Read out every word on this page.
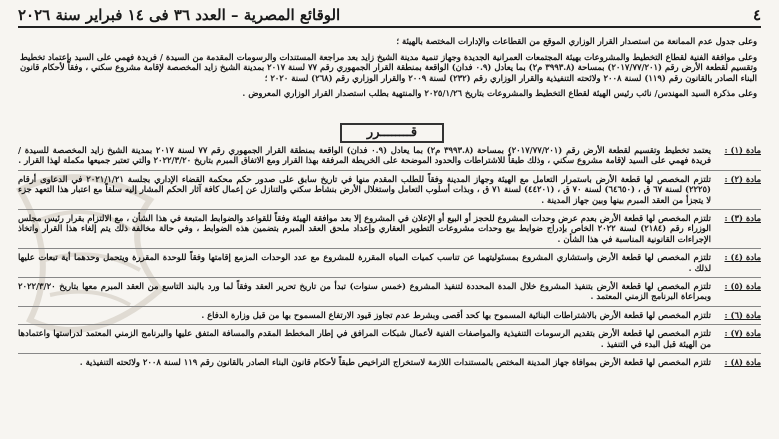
٤
الوقائع المصرية – العدد ٣٦ فى ١٤ فبراير سنة ٢٠٢٦

وعلى جدول عدم الممانعة من استصدار القرار الوزاري الموقع من القطاعات والإدارات المختصة بالهيئة ؛

وعلى موافقة الفنية لقطاع التخطيط والمشروعات بهيئة المجتمعات العمرانية الجديدة وجهاز تنمية مدينة الشيخ زايد بعد مراجعة المستندات والرسومات المقدمة من السيدة / فريدة فهمي على السيد بإعتماد تخطيط وتقسيم لقطعة الأرض رقم (٢٠١٧/٧٧/٢٠١) بمساحة (٣٩٩٣.٨ م٢) بما يعادل (٠.٩ فدان) الواقعة بمنطقة القرار الجمهوري رقم ٧٧ لسنة ٢٠١٧ بمدينة الشيخ زايد المخصصة لإقامة مشروع سكني ، وفقاً لأحكام قانون البناء الصادر بالقانون رقم (١١٩) لسنة ٢٠٠٨ ولائحته التنفيذية والقرار الوزاري رقم (٢٣٢) لسنة ٢٠٠٩ والقرار الوزاري رقم (٢٦٨) لسنة ٢٠٢٠ ؛

وعلى مذكرة السيد المهندس/ نائب رئيس الهيئة لقطاع التخطيط والمشروعات بتاريخ ٢٠٢٥/١/٢٦ والمنتهية بطلب استصدار القرار الوزاري المعروض .

قــــــــرر
مادة (١) :
يعتمد تخطيط وتقسيم لقطعة الأرض رقم (٢٠١٧/٧٧/٢٠١) بمساحة (٣٩٩٣.٨ م٢) بما يعادل (٠.٩ فدان) الواقعة بمنطقة القرار الجمهوري رقم ٧٧ لسنة ٢٠١٧ بمدينة الشيخ زايد المخصصة للسيدة / فريدة فهمي على السيد لإقامة مشروع سكني ، وذلك طبقاً للاشتراطات والحدود الموضحة على الخريطة المرفقة بهذا القرار ومع الاتفاق المبرم بتاريخ ٢٠٢٢/٣/٢٠ والتي تعتبر جميعها مكملة لهذا القرار .
مادة (٢) :
تلتزم المخصص لها قطعة الأرض باستمرار التعامل مع الهيئة وجهاز المدينة وفقاً للطلب المقدم منها في تاريخ سابق على صدور حكم محكمة القضاء الإداري بجلسة ٢٠٢١/١/٢١ في الدعاوى أرقام (٢٢٢٥) لسنة ٦٧ ق ، (٦٤٦٥٠) لسنة ٧٠ ق ، (٤٤٢٠١) لسنة ٧١ ق ، وبذات أسلوب التعامل واستغلال الأرض بنشاط سكني والتنازل عن إعمال كافة آثار الحكم المشار إليه سلفاً مع اعتبار هذا التعهد جزء لا يتجزأ من العقد المبرم بينها وبين جهاز المدينة .
مادة (٣) :
تلتزم المخصص لها قطعة الأرض بعدم عرض وحدات المشروع للحجز أو البيع أو الإعلان في المشروع إلا بعد موافقة الهيئة وفقاً للقواعد والضوابط المتبعة في هذا الشأن ، مع الالتزام بقرار رئيس مجلس الوزراء رقم (٢١٨٤) لسنة ٢٠٢٢ الخاص بإدراج ضوابط بيع وحدات مشروعات التطوير العقاري وإعداد ملحق العقد المبرم بتضمين هذه الضوابط ، وفي حالة مخالفة ذلك يتم إلغاء هذا القرار واتخاذ الإجراءات القانونية المناسبة في هذا الشأن .
مادة (٤) :
تلتزم المخصص لها قطعة الأرض واستشاري المشروع بمسئوليتهما عن تناسب كميات المياه المقررة للمشروع مع عدد الوحدات المزمع إقامتها وفقاً للوحدة المقررة ويتحمل وحدهما أية تبعات عليها لذلك .
مادة (٥) :
تلتزم المخصص لها قطعة الأرض بتنفيذ المشروع خلال المدة المحددة لتنفيذ المشروع (خمس سنوات) تبدأ من تاريخ تحرير العقد وفقاً لما ورد بالبند التاسع من العقد المبرم معها بتاريخ ٢٠٢٢/٣/٢٠ وبمراعاة البرنامج الزمني المعتمد .
مادة (٦) :
تلتزم المخصص لها قطعة الأرض بالاشتراطات البنائية المسموح بها كحد أقصى وبشرط عدم تجاوز قيود الارتفاع المسموح بها من قبل وزارة الدفاع .
مادة (٧) :
تلتزم المخصص لها قطعة الأرض بتقديم الرسومات التنفيذية والمواصفات الفنية لأعمال شبكات المرافق في إطار المخطط المقدم والمسافة المتفق عليها والبرنامج الزمني المعتمد لدراستها واعتمادها من الهيئة قبل البدء في التنفيذ .
مادة (٨) :
تلتزم المخصص لها قطعة الأرض بموافاة جهاز المدينة المختص بالمستندات اللازمة لاستخراج التراخيص طبقاً لأحكام قانون البناء الصادر بالقانون رقم ١١٩ لسنة ٢٠٠٨ ولائحته التنفيذية .
